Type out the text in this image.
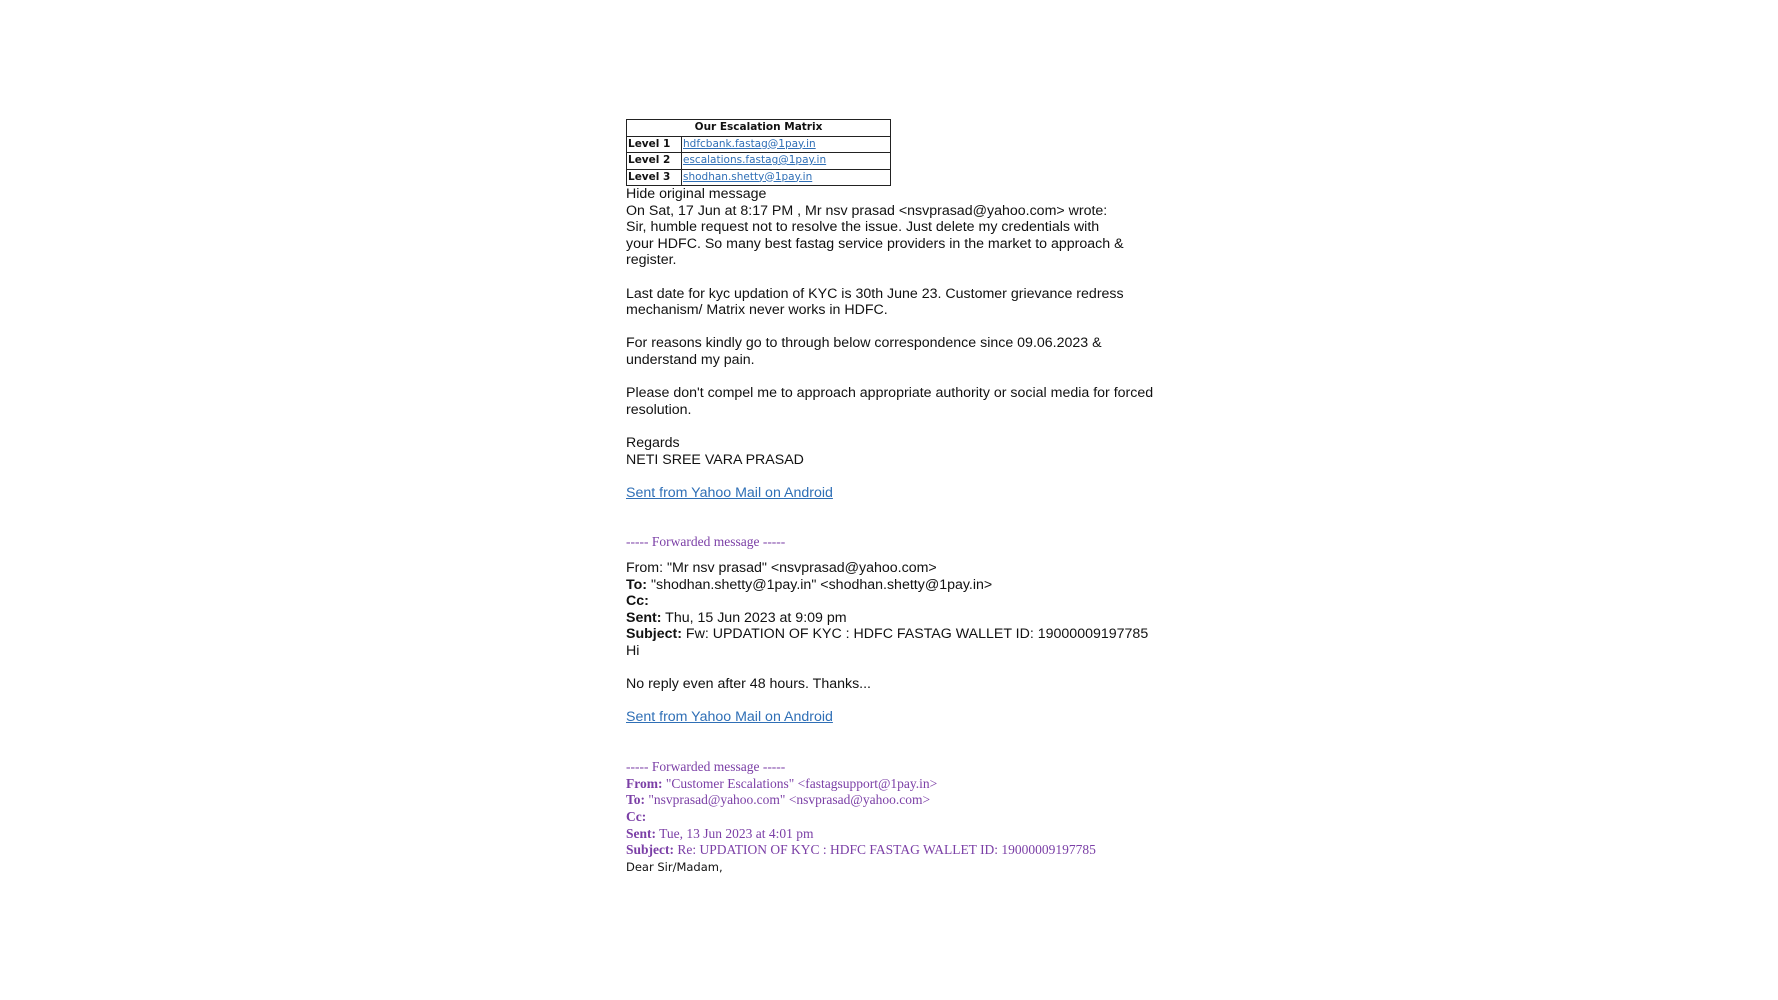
Our Escalation Matrix	
Level 1	hdfcbank.fastag@1pay.in
Level 2	escalations.fastag@1pay.in
Level 3	shodhan.shetty@1pay.in
Hide original message
On Sat, 17 Jun at 8:17 PM , Mr nsv prasad <nsvprasad@yahoo.com> wrote:
Sir, humble request not to resolve the issue. Just delete my credentials with
your HDFC. So many best fastag service providers in the market to approach &
register.
Last date for kyc updation of KYC is 30th June 23. Customer grievance redress
mechanism/ Matrix never works in HDFC.
For reasons kindly go to through below correspondence since 09.06.2023 &
understand my pain.
Please don't compel me to approach appropriate authority or social media for forced
resolution.
Regards
NETI SREE VARA PRASAD
Sent from Yahoo Mail on Android
----- Forwarded message -----
From: "Mr nsv prasad" <nsvprasad@yahoo.com>
To: "shodhan.shetty@1pay.in" <shodhan.shetty@1pay.in>
Cc:
Sent: Thu, 15 Jun 2023 at 9:09 pm
Subject: Fw: UPDATION OF KYC : HDFC FASTAG WALLET ID: 19000009197785
Hi
No reply even after 48 hours. Thanks...
Sent from Yahoo Mail on Android
----- Forwarded message -----
From: "Customer Escalations" <fastagsupport@1pay.in>
To: "nsvprasad@yahoo.com" <nsvprasad@yahoo.com>
Cc:
Sent: Tue, 13 Jun 2023 at 4:01 pm
Subject: Re: UPDATION OF KYC : HDFC FASTAG WALLET ID: 19000009197785
Dear Sir/Madam,
